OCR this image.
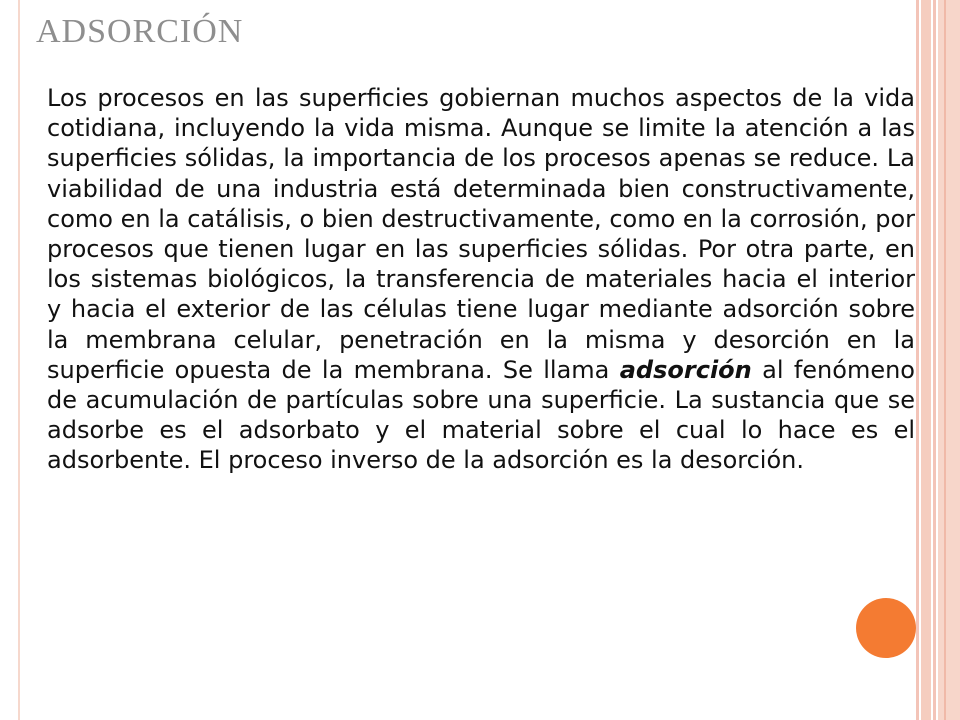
ADSORCIÓN

Los procesos en las superficies gobiernan muchos aspectos de la vida cotidiana, incluyendo la vida misma. Aunque se limite la atención a las superficies sólidas, la importancia de los procesos apenas se reduce. La viabilidad de una industria está determinada bien constructivamente, como en la catálisis, o bien destructivamente, como en la corrosión, por procesos que tienen lugar en las superficies sólidas. Por otra parte, en los sistemas biológicos, la transferencia de materiales hacia el interior y hacia el exterior de las células tiene lugar mediante adsorción sobre la membrana celular, penetración en la misma y desorción en la superficie opuesta de la membrana. Se llama adsorción al fenómeno de acumulación de partículas sobre una superficie. La sustancia que se adsorbe es el adsorbato y el material sobre el cual lo hace es el adsorbente. El proceso inverso de la adsorción es la desorción.
